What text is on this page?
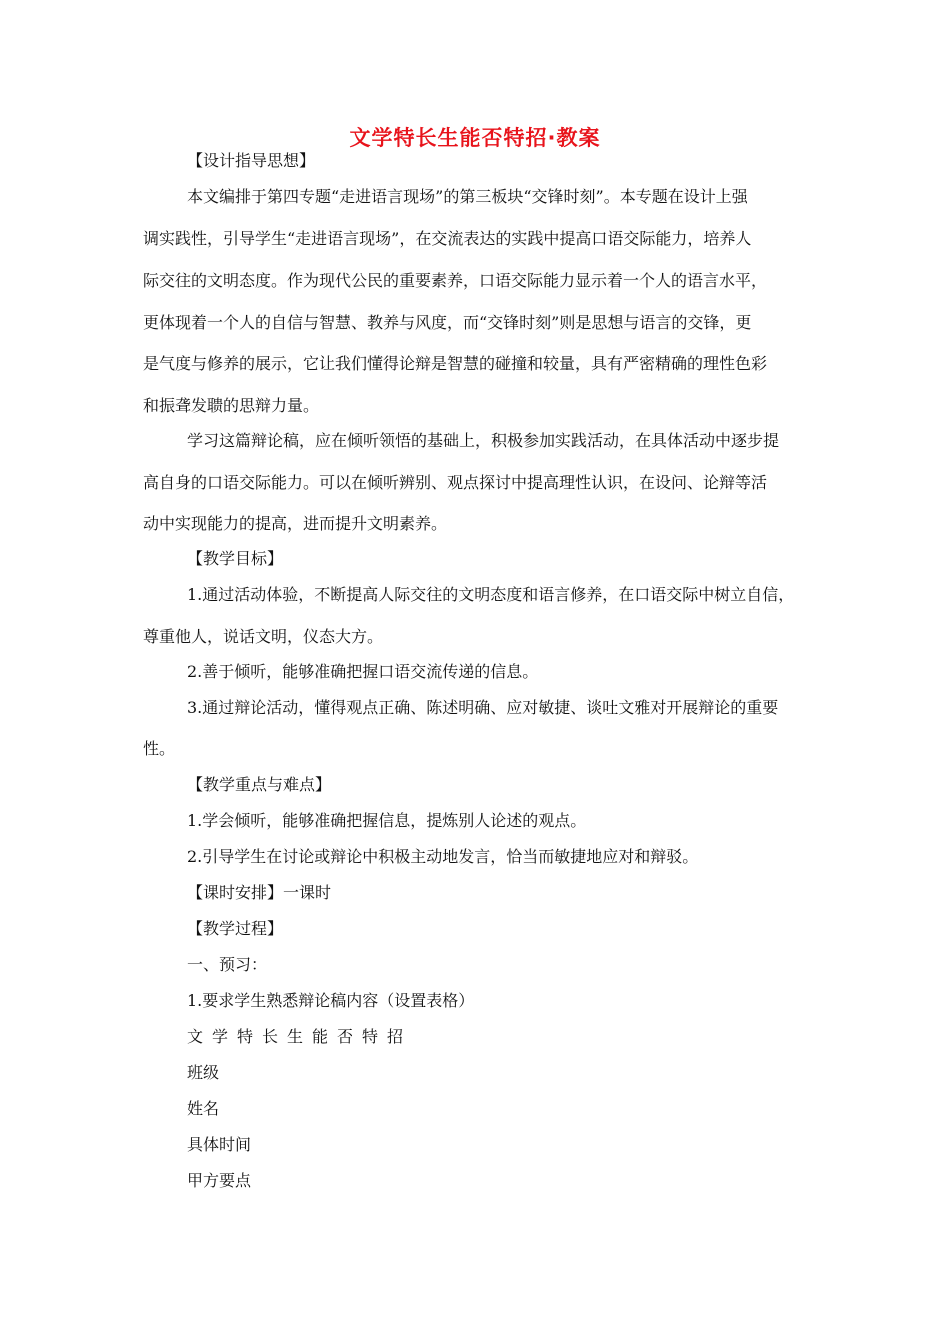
文学特长生能否特招·教案
【设计指导思想】
本文编排于第四专题“走进语言现场”的第三板块“交锋时刻”。本专题在设计上强
调实践性，引导学生“走进语言现场”，在交流表达的实践中提高口语交际能力，培养人
际交往的文明态度。作为现代公民的重要素养，口语交际能力显示着一个人的语言水平，
更体现着一个人的自信与智慧、教养与风度，而“交锋时刻”则是思想与语言的交锋，更
是气度与修养的展示，它让我们懂得论辩是智慧的碰撞和较量，具有严密精确的理性色彩
和振聋发聩的思辩力量。
学习这篇辩论稿，应在倾听领悟的基础上，积极参加实践活动，在具体活动中逐步提
高自身的口语交际能力。可以在倾听辨别、观点探讨中提高理性认识，在设问、论辩等活
动中实现能力的提高，进而提升文明素养。
【教学目标】
1.通过活动体验，不断提高人际交往的文明态度和语言修养，在口语交际中树立自信，
尊重他人，说话文明，仪态大方。
2.善于倾听，能够准确把握口语交流传递的信息。
3.通过辩论活动，懂得观点正确、陈述明确、应对敏捷、谈吐文雅对开展辩论的重要
性。
【教学重点与难点】
1.学会倾听，能够准确把握信息，提炼别人论述的观点。
2.引导学生在讨论或辩论中积极主动地发言，恰当而敏捷地应对和辩驳。
【课时安排】一课时
【教学过程】
一、预习：
1.要求学生熟悉辩论稿内容（设置表格）
文学特长生能否特招
班级
姓名
具体时间
甲方要点
